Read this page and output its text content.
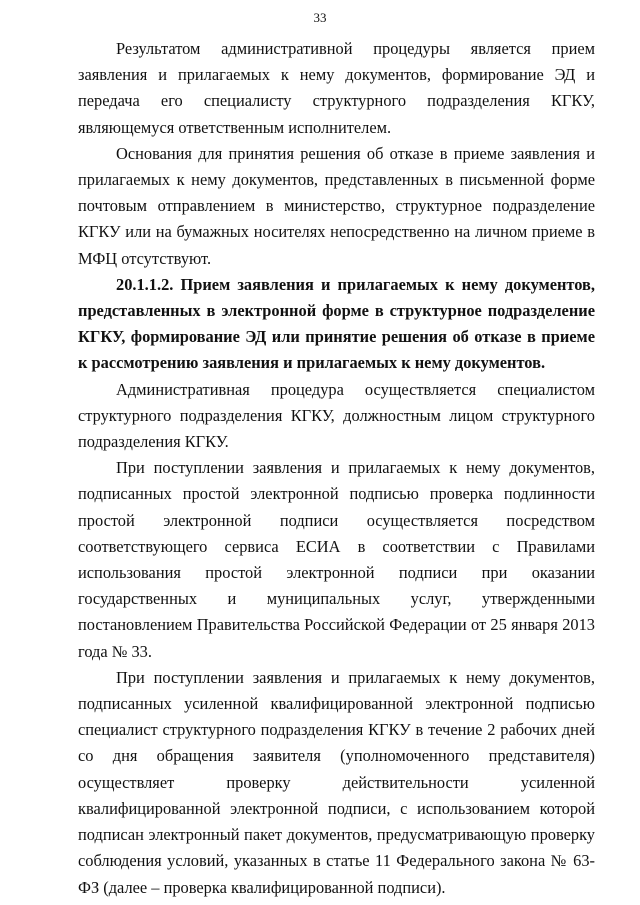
33

Результатом административной процедуры является прием заявления и прилагаемых к нему документов, формирование ЭД и передача его специалисту структурного подразделения КГКУ, являющемуся ответственным исполнителем.

Основания для принятия решения об отказе в приеме заявления и прилагаемых к нему документов, представленных в письменной форме почтовым отправлением в министерство, структурное подразделение КГКУ или на бумажных носителях непосредственно на личном приеме в МФЦ отсутствуют.

20.1.1.2. Прием заявления и прилагаемых к нему документов, представленных в электронной форме в структурное подразделение КГКУ, формирование ЭД или принятие решения об отказе в приеме к рассмотрению заявления и прилагаемых к нему документов.

Административная процедура осуществляется специалистом структурного подразделения КГКУ, должностным лицом структурного подразделения КГКУ.

При поступлении заявления и прилагаемых к нему документов, подписанных простой электронной подписью проверка подлинности простой электронной подписи осуществляется посредством соответствующего сервиса ЕСИА в соответствии с Правилами использования простой электронной подписи при оказании государственных и муниципальных услуг, утвержденными постановлением Правительства Российской Федерации от 25 января 2013 года № 33.

При поступлении заявления и прилагаемых к нему документов, подписанных усиленной квалифицированной электронной подписью специалист структурного подразделения КГКУ в течение 2 рабочих дней со дня обращения заявителя (уполномоченного представителя) осуществляет проверку действительности усиленной квалифицированной электронной подписи, с использованием которой подписан электронный пакет документов, предусматривающую проверку соблюдения условий, указанных в статье 11 Федерального закона № 63-ФЗ (далее – проверка квалифицированной подписи).
